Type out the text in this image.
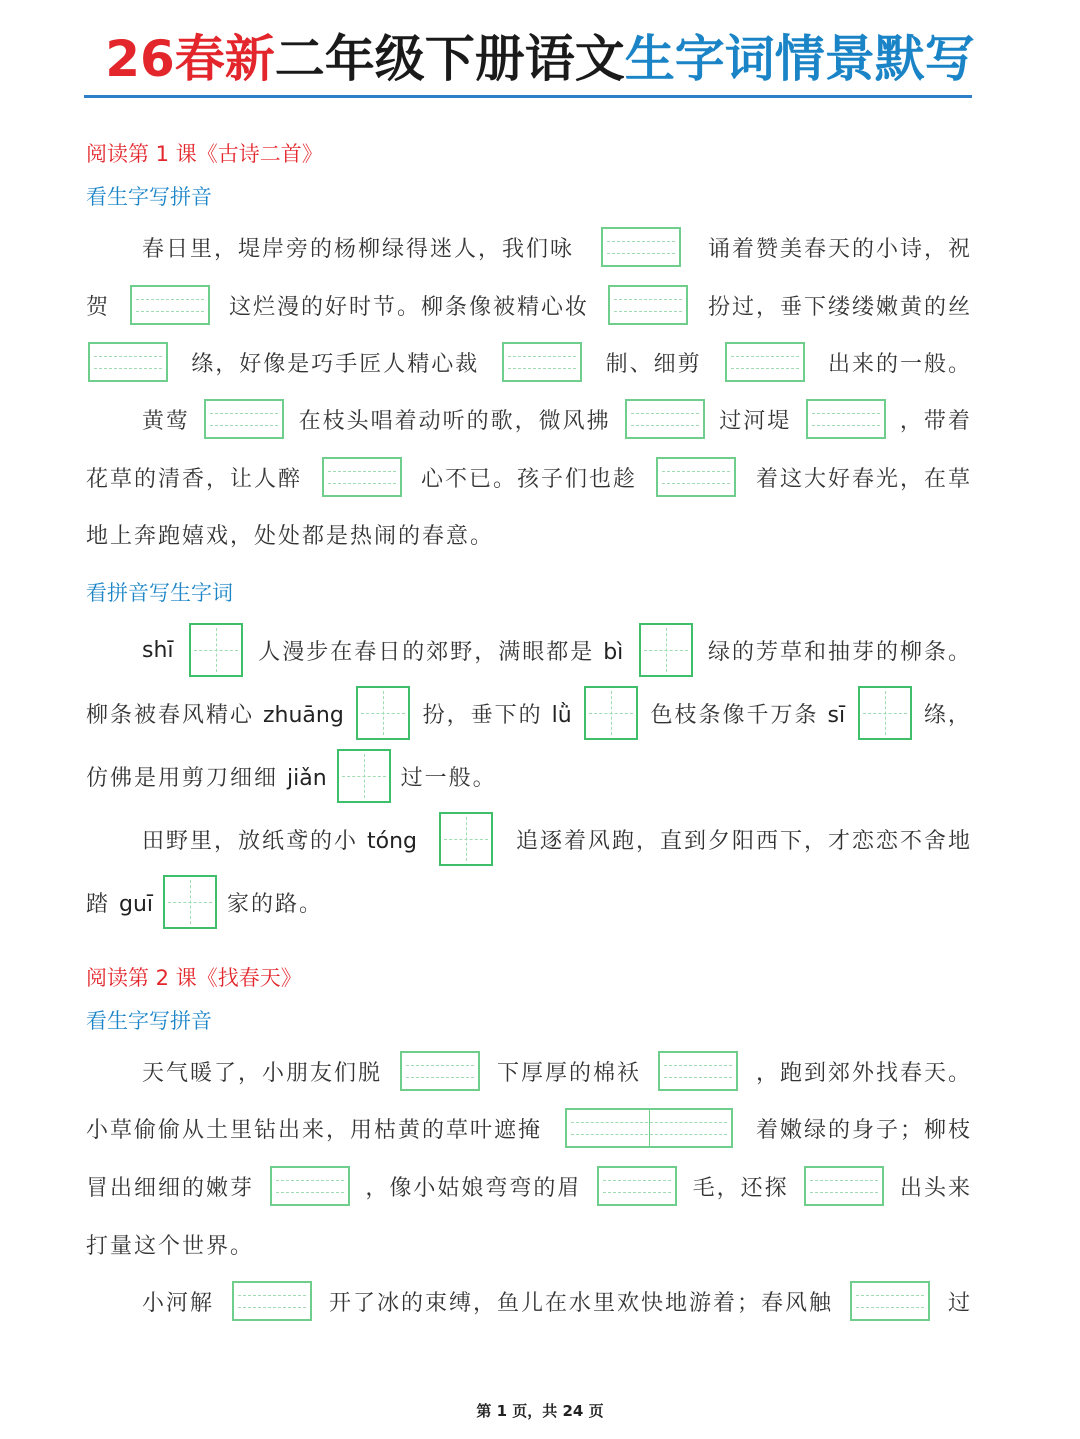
26春新二年级下册语文生字词情景默写
阅读第 1 课《古诗二首》
看生字写拼音
春日里，堤岸旁的杨柳绿得迷人，我们咏	诵着赞美春天的小诗，祝
贺	这烂漫的好时节。柳条像被精心妆	扮过，垂下缕缕嫩黄的丝
绦，好像是巧手匠人精心裁	制、细剪	出来的一般。
黄莺	在枝头唱着动听的歌，微风拂	过河堤	，带着
花草的清香，让人醉	心不已。孩子们也趁	着这大好春光，在草
地上奔跑嬉戏，处处都是热闹的春意。
看拼音写生字词
shī	人漫步在春日的郊野，满眼都是 bì	绿的芳草和抽芽的柳条。
柳条被春风精心 zhuāng	扮，垂下的 lǜ	色枝条像千万条 sī	绦，
仿佛是用剪刀细细 jiǎn	过一般。
田野里，放纸鸢的小 tóng	追逐着风跑，直到夕阳西下，才恋恋不舍地
踏 guī	家的路。
阅读第 2 课《找春天》
看生字写拼音
天气暖了，小朋友们脱	下厚厚的棉袄	，跑到郊外找春天。
小草偷偷从土里钻出来，用枯黄的草叶遮掩	着嫩绿的身子；柳枝
冒出细细的嫩芽	，像小姑娘弯弯的眉	毛，还探	出头来
打量这个世界。
小河解	开了冰的束缚，鱼儿在水里欢快地游着；春风触	过
第 1 页，共 24 页
